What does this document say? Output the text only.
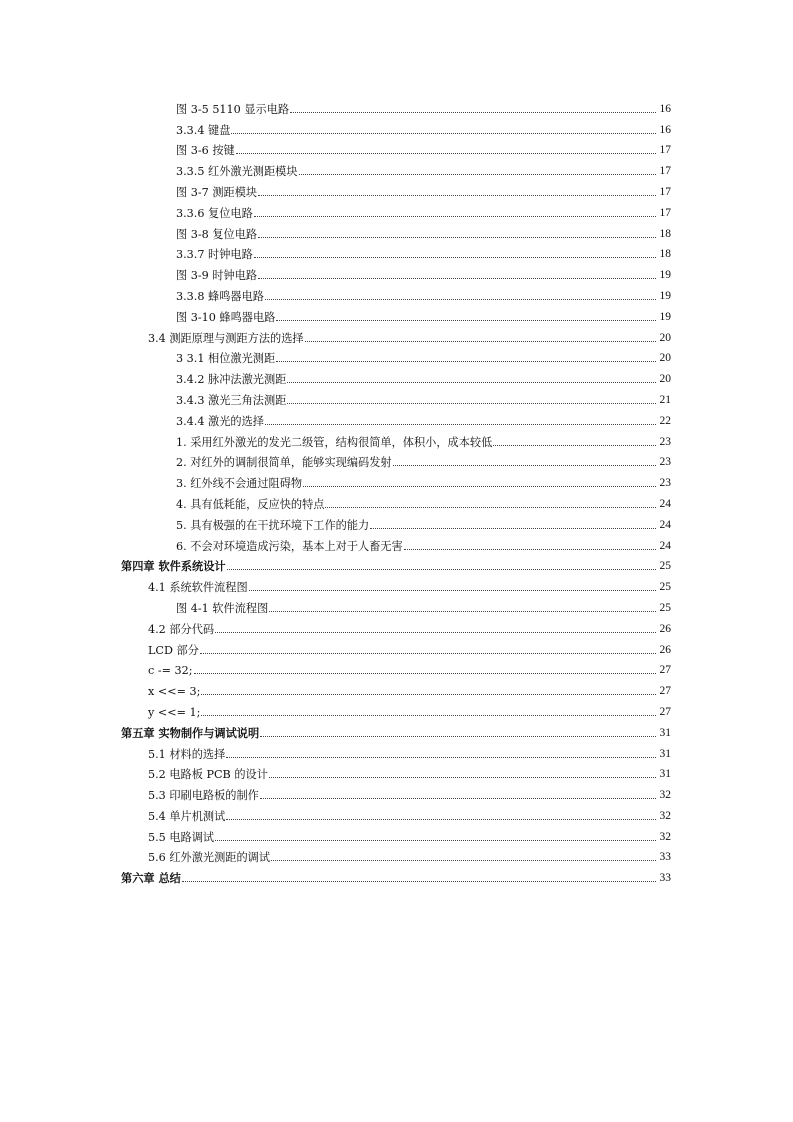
图 3-5 5110 显示电路	16
3.3.4 键盘	16
图 3-6 按键	17
3.3.5 红外激光测距模块	17
图 3-7 测距模块	17
3.3.6 复位电路	17
图 3-8 复位电路	18
3.3.7 时钟电路	18
图 3-9 时钟电路	19
3.3.8 蜂鸣器电路	19
图 3-10 蜂鸣器电路	19
3.4 测距原理与测距方法的选择	20
3 3.1 相位激光测距	20
3.4.2 脉冲法激光测距	20
3.4.3 激光三角法测距	21
3.4.4 激光的选择	22
1. 采用红外激光的发光二级管，结构很简单，体积小，成本较低	23
2. 对红外的调制很简单，能够实现编码发射	23
3. 红外线不会通过阻碍物	23
4. 具有低耗能，反应快的特点	24
5. 具有极强的在干扰环境下工作的能力	24
6. 不会对环境造成污染，基本上对于人畜无害	24
第四章 软件系统设计	25
4.1 系统软件流程图	25
图 4-1 软件流程图	25
4.2 部分代码	26
LCD 部分	26
c -= 32;	27
x <<= 3;	27
y <<= 1;	27
第五章 实物制作与调试说明	31
5.1 材料的选择	31
5.2 电路板 PCB 的设计	31
5.3 印刷电路板的制作	32
5.4 单片机测试	32
5.5 电路调试	32
5.6 红外激光测距的调试	33
第六章 总结	33
